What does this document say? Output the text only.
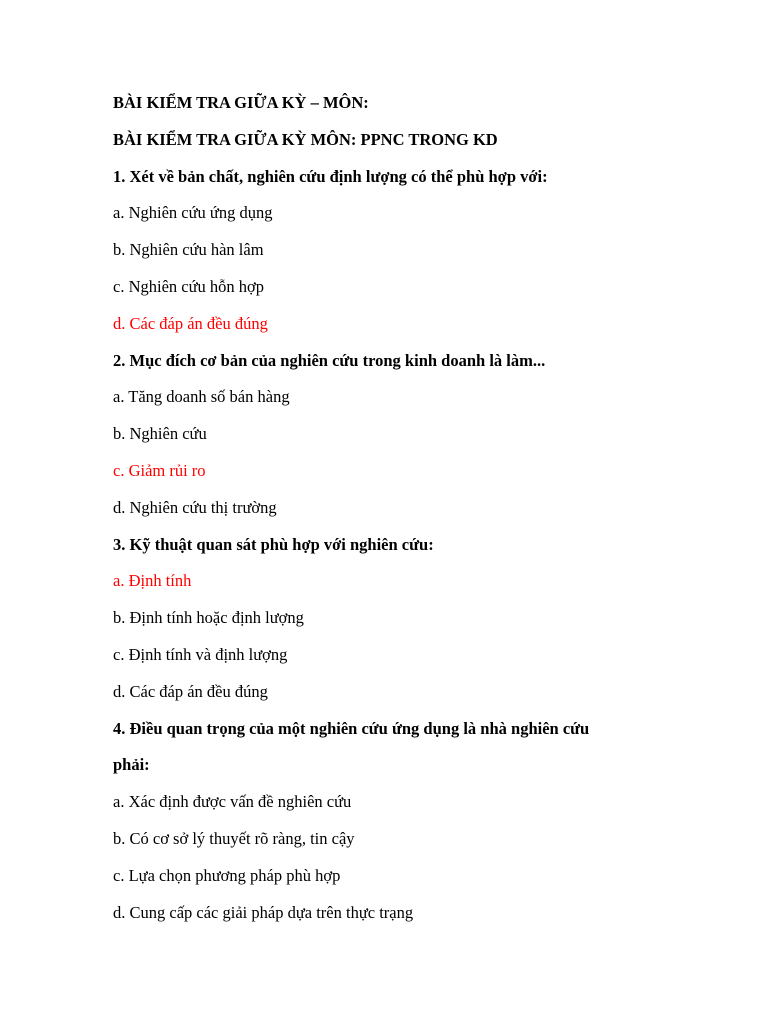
BÀI KIỂM TRA GIỮA KỲ – MÔN:
BÀI KIỂM TRA GIỮA KỲ MÔN: PPNC TRONG KD
1. Xét về bản chất, nghiên cứu định lượng có thể phù hợp với:
a. Nghiên cứu ứng dụng
b. Nghiên cứu hàn lâm
c. Nghiên cứu hỗn hợp
d. Các đáp án đều đúng
2. Mục đích cơ bản của nghiên cứu trong kinh doanh là làm...
a. Tăng doanh số bán hàng
b. Nghiên cứu
c. Giảm rủi ro
d. Nghiên cứu thị trường
3. Kỹ thuật quan sát phù hợp với nghiên cứu:
a. Định tính
b. Định tính hoặc định lượng
c. Định tính và định lượng
d. Các đáp án đều đúng
4. Điều quan trọng của một nghiên cứu ứng dụng là nhà nghiên cứu
phải:
a. Xác định được vấn đề nghiên cứu
b. Có cơ sở lý thuyết rõ ràng, tin cậy
c. Lựa chọn phương pháp phù hợp
d. Cung cấp các giải pháp dựa trên thực trạng
